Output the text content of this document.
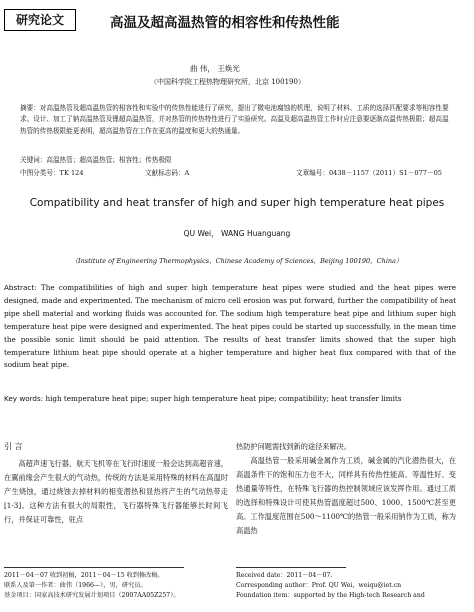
研究论文	高温及超高温热管的相容性和传热性能
曲 伟， 王焕光
（中国科学院工程热物理研究所，北京 100190）
摘要：对高温热管及超高温热管的相容性和实验中的传热性能进行了研究，提出了微电池腐蚀的机理，说明了材料、工质的选择匹配要求等相容性要求。设计、加工了钠高温热管及锂超高温热管，并对热管的传热特性进行了实验研究。高温及超高温热管工作时应注意要逐渐高温传热极限；超高温热管的传热极限能更表明，超高温热管在工作在更高的温度和更大的热通量。
关键词：高温热管；超高温热管；相容性；传热极限
中图分类号：TK 124	文献标志码：A	文章编号：0438－1157（2011）S1－077－05
Compatibility and heat transfer of high and super high temperature heat pipes
QU Wei， WANG Huanguang
（Institute of Engineering Thermophysics，Chinese Academy of Sciences，Beijing 100190，China）
Abstract: The compatibilities of high and super high temperature heat pipes were studied and the heat pipes were designed, made and experimented. The mechanism of micro cell erosion was put forward, further the compatibility of heat pipe shell material and working fluids was accounted for. The sodium high temperature heat pipe and lithium super high temperature heat pipe were designed and experimented. The heat pipes could be started up successfully, in the mean time the possible sonic limit should be paid attention. The results of heat transfer limits showed that the super high temperature lithium heat pipe should operate at a higher temperature and higher heat flux compared with that of the sodium heat pipe.
Key words: high temperature heat pipe; super high temperature heat pipe; compatibility; heat transfer limits
引 言

高超声速飞行器、航天飞机等在飞行时速度一般会达到高超音速，在翼前缘会产生很大的气动热，传统的方法是采用特殊的材料在高温时产生烧蚀，通过烧蚀去掉材料的相变潜热和显热将产生的气动热带走[1-3]。这种方法有很大的局限性，飞行器特殊飞行器能够长时间飞行，并保证可靠性，驻点

热防护问题需找到新的途径来解决。

高温热管一般采用碱金属作为工质，碱金属的汽化潜热很大，在高温条件下的饱和压力也不大，同样具有传热性能高、等温性好、变热通量等特性，在特殊飞行器的热控制领域应该发挥作用。通过工质的选择和特殊设计可使其热管温度超过500、1000、1500℃甚至更高。工作温度范围在500～1100℃的热管一般采用钠作为工质，称为高温热

2011－04－07 收到初稿，2011－04－15 收到修改稿。
联系人及第一作者：曲伟（1966—），男，研究员。
基金项目：国家高技术研究发展计划项目（2007AA05Z257）。
Received date：2011－04－07.
Corresponding author：Prof. QU Wei，weiqu@iet.cn
Foundation item：supported by the High-tech Research and
